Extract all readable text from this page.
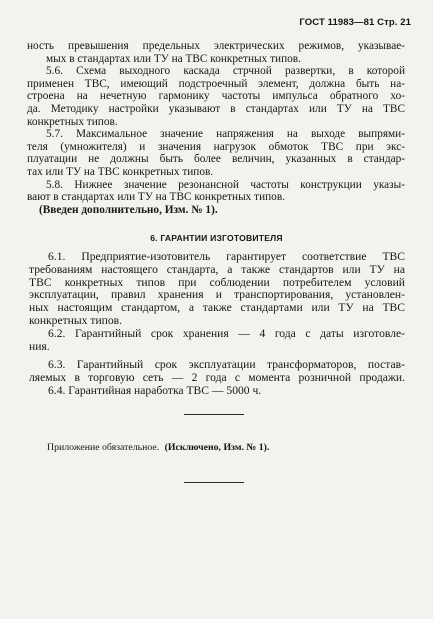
ГОСТ 11983—81 Стр. 21
ность превышения предельных электрических режимов, указывае-
мых в стандартах или ТУ на ТВС конкретных типов.
5.6. Схема выходного каскада стрчной развертки, в которой
применен ТВС, имеющий подстроечный элемент, должна быть на-
строена на нечетную гармонику частоты импульса обратного хо-
да. Методику настройки указывают в стандартах или ТУ на ТВС
конкретных типов.
5.7. Максимальное значение напряжения на выходе выпрями-
теля (умножителя) и значения нагрузок обмоток ТВС при экс-
плуатации не должны быть более величин, указанных в стандар-
тах или ТУ на ТВС конкретных типов.
5.8. Нижнее значение резонансной частоты конструкции указы-
вают в стандартах или ТУ на ТВС конкретных типов.
(Введен дополнительно, Изм. № 1).
6. ГАРАНТИИ ИЗГОТОВИТЕЛЯ
6.1. Предприятие-изотовитель гарантирует соответствие ТВС
требованиям настоящего стандарта, а также стандартов или ТУ на
ТВС конкретных типов при соблюдении потребителем условий
эксплуатации, правил хранения и транспортирования, установлен-
ных настоящим стандартом, а также стандартами или ТУ на ТВС
конкретных типов.
6.2. Гарантийный срок хранения — 4 года с даты изготовле-
ния.
6.3. Гарантийный срок эксплуатации трансформаторов, постав-
ляемых в торговую сеть — 2 года с момента розничной продажи.
6.4. Гарантийная наработка ТВС — 5000 ч.
Приложение обязательное. (Исключено, Изм. № 1).
